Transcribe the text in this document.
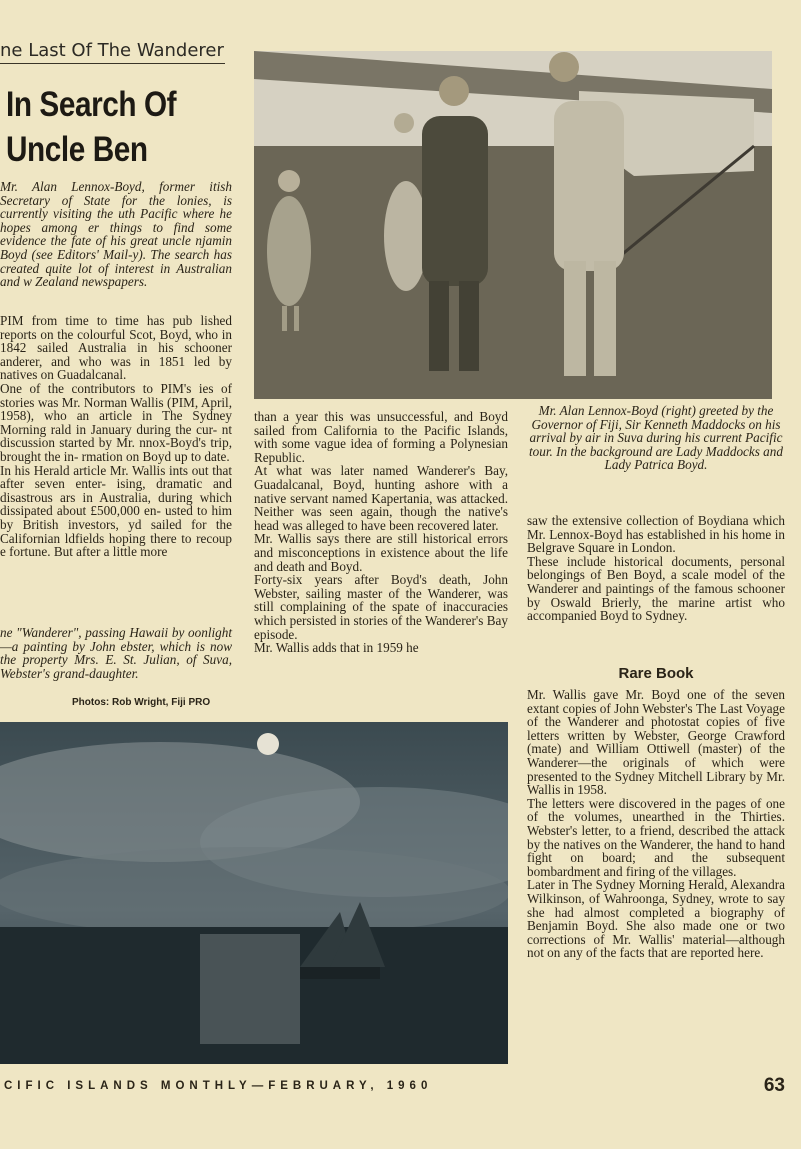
ne Last Of The Wanderer
In Search Of Uncle Ben
Mr. Alan Lennox-Boyd, former itish Secretary of State for the lonies, is currently visiting the uth Pacific where he hopes among er things to find some evidence the fate of his great uncle njamin Boyd (see Editors' Mail-y). The search has created quite lot of interest in Australian and w Zealand newspapers.

PIM from time to time has pub lished reports on the colourful Scot, Boyd, who in 1842 sailed Australia in his schooner anderer, and who was in 1851 led by natives on Guadalcanal.

One of the contributors to PIM's ies of stories was Mr. Norman Wallis (PIM, April, 1958), who an article in The Sydney Morning rald in January during the cur- nt discussion started by Mr. nnox-Boyd's trip, brought the in- rmation on Boyd up to date.

In his Herald article Mr. Wallis ints out that after seven enter- ising, dramatic and disastrous ars in Australia, during which dissipated about £500,000 en- usted to him by British investors, yd sailed for the Californian ldfields hoping there to recoup e fortune. But after a little more

ne "Wanderer", passing Hawaii by oonlight—a painting by John ebster, which is now the property Mrs. E. St. Julian, of Suva, Webster's grand-daughter.
Photos: Rob Wright, Fiji PRO
Mr. Alan Lennox-Boyd (right) greeted by the Governor of Fiji, Sir Kenneth Maddocks on his arrival by air in Suva during his current Pacific tour. In the background are Lady Maddocks and Lady Patrica Boyd.

than a year this was unsuccessful, and Boyd sailed from California to the Pacific Islands, with some vague idea of forming a Polynesian Republic.

At what was later named Wanderer's Bay, Guadalcanal, Boyd, hunting ashore with a native servant named Kapertania, was attacked. Neither was seen again, though the native's head was alleged to have been recovered later.

Mr. Wallis says there are still historical errors and misconceptions in existence about the life and death and Boyd.

Forty-six years after Boyd's death, John Webster, sailing master of the Wanderer, was still complaining of the spate of inaccuracies which persisted in stories of the Wanderer's Bay episode.

Mr. Wallis adds that in 1959 he

saw the extensive collection of Boydiana which Mr. Lennox-Boyd has established in his home in Belgrave Square in London.

These include historical documents, personal belongings of Ben Boyd, a scale model of the Wanderer and paintings of the famous schooner by Oswald Brierly, the marine artist who accompanied Boyd to Sydney.

Rare Book

Mr. Wallis gave Mr. Boyd one of the seven extant copies of John Webster's The Last Voyage of the Wanderer and photostat copies of five letters written by Webster, George Crawford (mate) and William Ottiwell (master) of the Wanderer—the originals of which were presented to the Sydney Mitchell Library by Mr. Wallis in 1958.

The letters were discovered in the pages of one of the volumes, unearthed in the Thirties. Webster's letter, to a friend, described the attack by the natives on the Wanderer, the hand to hand fight on board; and the subsequent bombardment and firing of the villages.

Later in The Sydney Morning Herald, Alexandra Wilkinson, of Wahroonga, Sydney, wrote to say she had almost completed a biography of Benjamin Boyd. She also made one or two corrections of Mr. Wallis' material—although not on any of the facts that are reported here.

CIFIC ISLANDS MONTHLY—FEBRUARY, 1960	63
